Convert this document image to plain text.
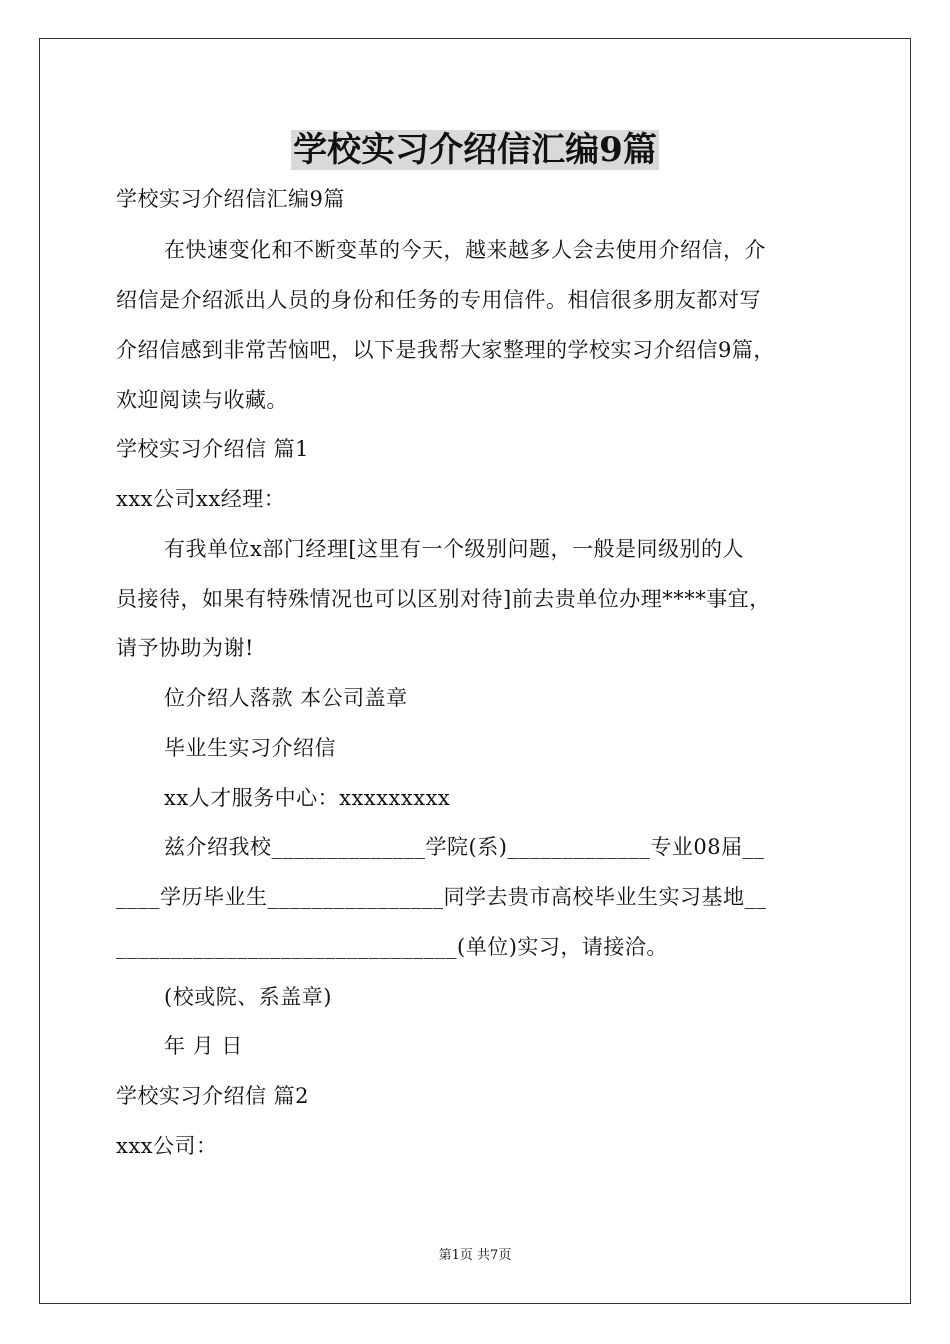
学校实习介绍信汇编9篇
学校实习介绍信汇编9篇
在快速变化和不断变革的今天，越来越多人会去使用介绍信，介
绍信是介绍派出人员的身份和任务的专用信件。相信很多朋友都对写
介绍信感到非常苦恼吧，以下是我帮大家整理的学校实习介绍信9篇，
欢迎阅读与收藏。
学校实习介绍信 篇1
xxx公司xx经理：
有我单位x部门经理[这里有一个级别问题，一般是同级别的人
员接待，如果有特殊情况也可以区别对待]前去贵单位办理****事宜，
请予协助为谢!
位介绍人落款 本公司盖章
毕业生实习介绍信
xx人才服务中心：xxxxxxxxx
兹介绍我校______________学院(系)_____________专业08届__
____学历毕业生________________同学去贵市高校毕业生实习基地__
_______________________________(单位)实习，请接洽。
(校或院、系盖章)
年 月 日
学校实习介绍信 篇2
xxx公司：
第1页 共7页
